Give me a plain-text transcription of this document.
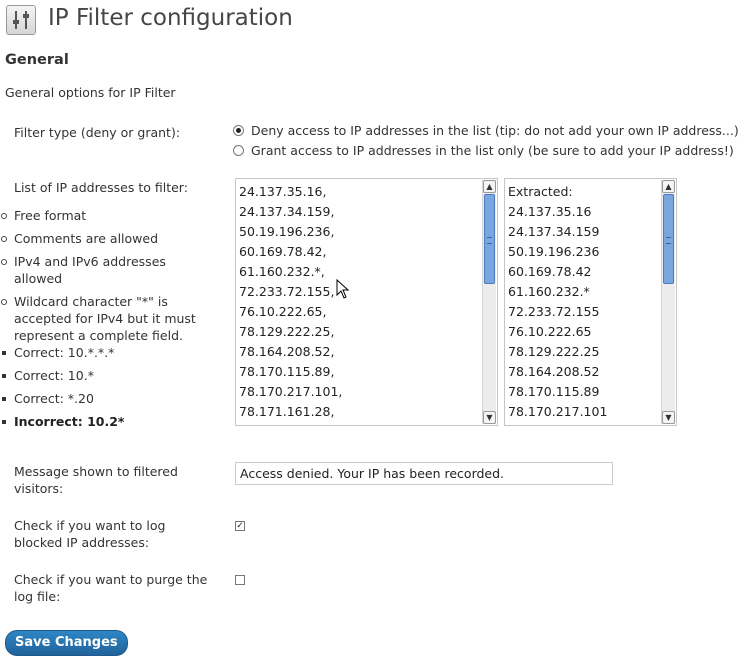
IP Filter configuration
General
General options for IP Filter
Filter type (deny or grant):	Deny access to IP addresses in the list (tip: do not add your own IP address...)
Grant access to IP addresses in the list only (be sure to add your IP address!)
List of IP addresses to filter:
Free format
Comments are allowed
IPv4 and IPv6 addresses allowed
Wildcard character "*" is accepted for IPv4 but it must represent a complete field.
Correct: 10.*.*.*
Correct: 10.*
Correct: *.20
Incorrect: 10.2*
24.137.35.16,
24.137.34.159,
50.19.196.236,
60.169.78.42,
61.160.232.*,
72.233.72.155,
76.10.222.65,
78.129.222.25,
78.164.208.52,
78.170.115.89,
78.170.217.101,
78.171.161.28,
▲
▼
Extracted:
24.137.35.16
24.137.34.159
50.19.196.236
60.169.78.42
61.160.232.*
72.233.72.155
76.10.222.65
78.129.222.25
78.164.208.52
78.170.115.89
78.170.217.101
▲
▼
Message shown to filtered visitors:
Access denied. Your IP has been recorded.
Check if you want to log blocked IP addresses:
✓
Check if you want to purge the log file:
Save Changes
